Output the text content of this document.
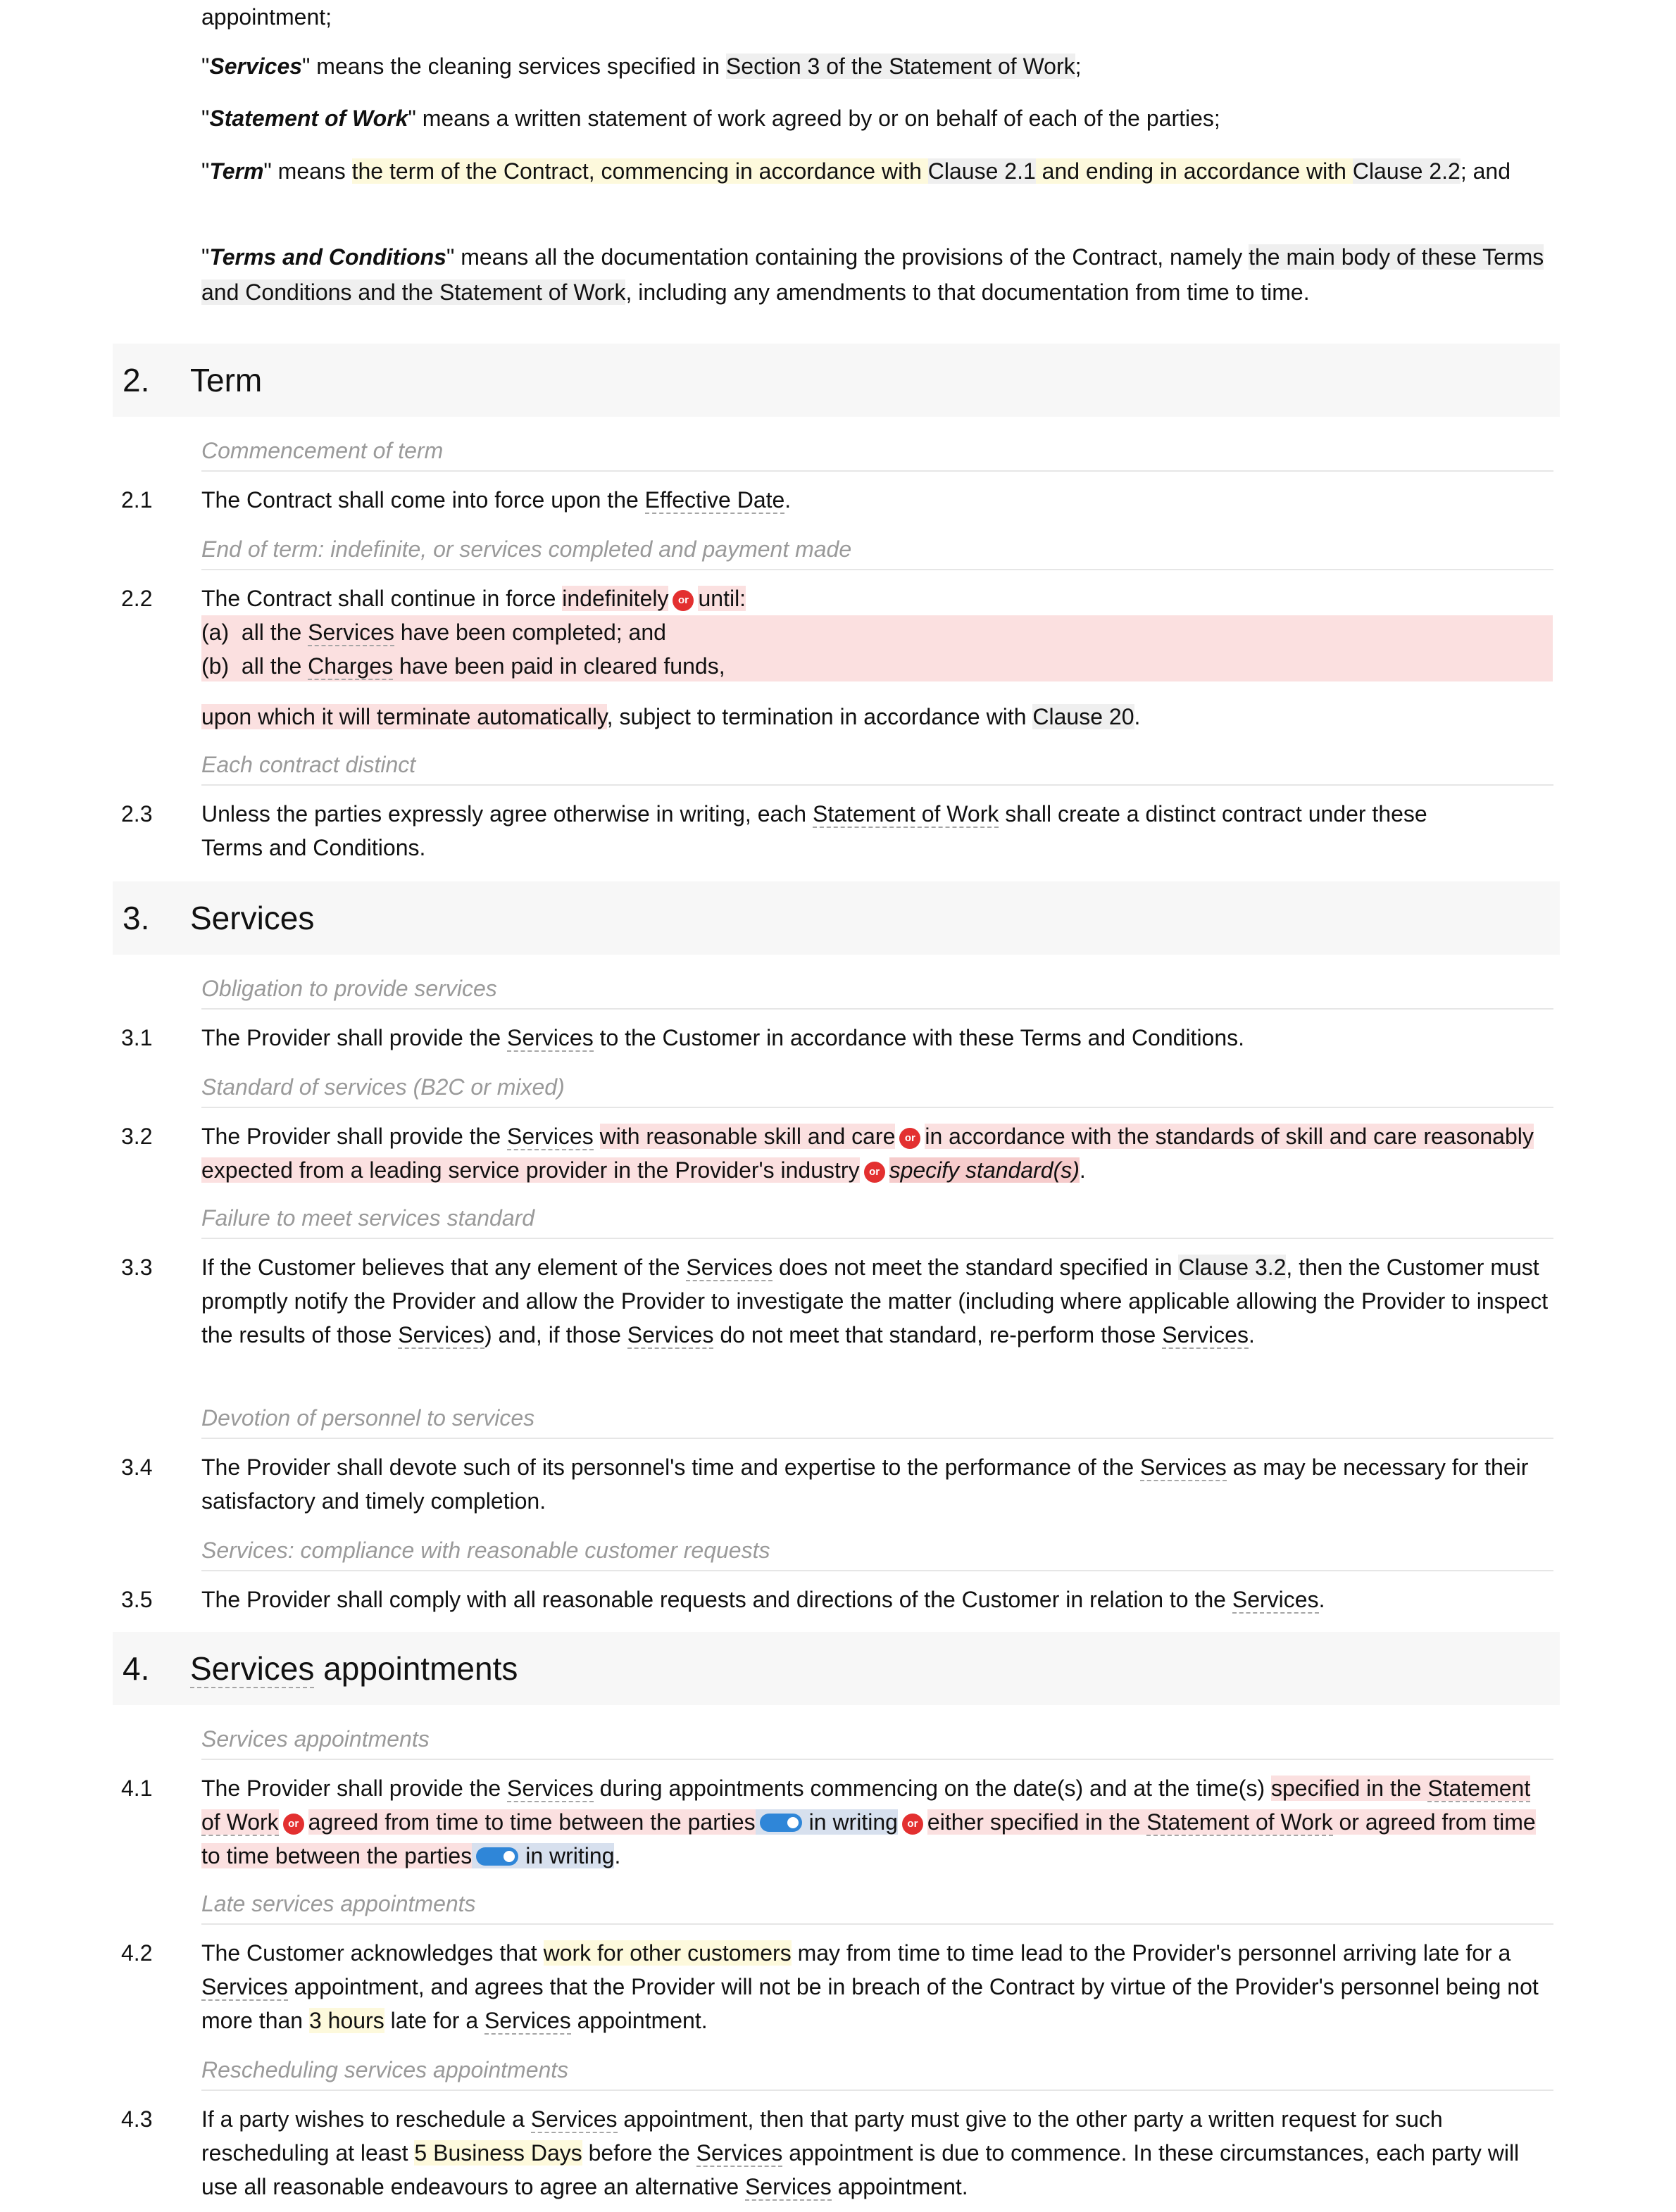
appointment;
"Services" means the cleaning services specified in Section 3 of the Statement of Work;
"Statement of Work" means a written statement of work agreed by or on behalf of each of the parties;
"Term" means the term of the Contract, commencing in accordance with Clause 2.1 and ending in accordance with Clause 2.2; and
"Terms and Conditions" means all the documentation containing the provisions of the Contract, namely the main body of these Terms and Conditions and the Statement of Work, including any amendments to that documentation from time to time.
2. Term
Commencement of term
2.1 The Contract shall come into force upon the Effective Date.
End of term: indefinite, or services completed and payment made
2.2 The Contract shall continue in force indefinitely or until:
(a) all the Services have been completed; and
(b) all the Charges have been paid in cleared funds,
upon which it will terminate automatically, subject to termination in accordance with Clause 20.
Each contract distinct
2.3 Unless the parties expressly agree otherwise in writing, each Statement of Work shall create a distinct contract under these Terms and Conditions.
3. Services
Obligation to provide services
3.1 The Provider shall provide the Services to the Customer in accordance with these Terms and Conditions.
Standard of services (B2C or mixed)
3.2 The Provider shall provide the Services with reasonable skill and care or in accordance with the standards of skill and care reasonably expected from a leading service provider in the Provider's industry or specify standard(s).
Failure to meet services standard
3.3 If the Customer believes that any element of the Services does not meet the standard specified in Clause 3.2, then the Customer must promptly notify the Provider and allow the Provider to investigate the matter (including where applicable allowing the Provider to inspect the results of those Services) and, if those Services do not meet that standard, re-perform those Services.
Devotion of personnel to services
3.4 The Provider shall devote such of its personnel's time and expertise to the performance of the Services as may be necessary for their satisfactory and timely completion.
Services: compliance with reasonable customer requests
3.5 The Provider shall comply with all reasonable requests and directions of the Customer in relation to the Services.
4. Services appointments
Services appointments
4.1 The Provider shall provide the Services during appointments commencing on the date(s) and at the time(s) specified in the Statement of Work or agreed from time to time between the parties in writing or either specified in the Statement of Work or agreed from time to time between the parties in writing.
Late services appointments
4.2 The Customer acknowledges that work for other customers may from time to time lead to the Provider's personnel arriving late for a Services appointment, and agrees that the Provider will not be in breach of the Contract by virtue of the Provider's personnel being not more than 3 hours late for a Services appointment.
Rescheduling services appointments
4.3 If a party wishes to reschedule a Services appointment, then that party must give to the other party a written request for such rescheduling at least 5 Business Days before the Services appointment is due to commence. In these circumstances, each party will use all reasonable endeavours to agree an alternative Services appointment.
